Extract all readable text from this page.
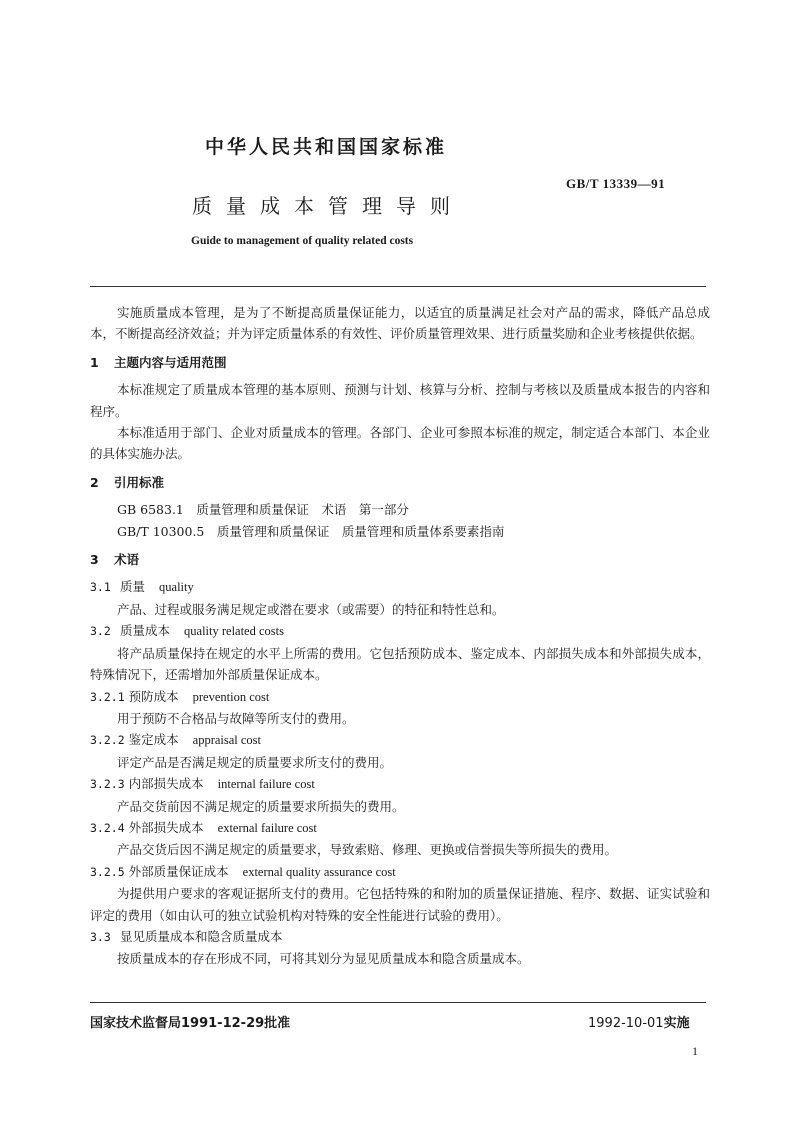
中华人民共和国国家标准
GB/T 13339—91
质量成本管理导则
Guide to management of quality related costs
实施质量成本管理，是为了不断提高质量保证能力，以适宜的质量满足社会对产品的需求，降低产品总成本，不断提高经济效益；并为评定质量体系的有效性、评价质量管理效果、进行质量奖励和企业考核提供依据。
1 主题内容与适用范围
本标准规定了质量成本管理的基本原则、预测与计划、核算与分析、控制与考核以及质量成本报告的内容和程序。
本标准适用于部门、企业对质量成本的管理。各部门、企业可参照本标准的规定，制定适合本部门、本企业的具体实施办法。
2 引用标准
GB 6583.1　质量管理和质量保证　术语　第一部分
GB/T 10300.5　质量管理和质量保证　质量管理和质量体系要素指南
3 术语
3.1 质量 quality
产品、过程或服务满足规定或潜在要求（或需要）的特征和特性总和。
3.2 质量成本 quality related costs
将产品质量保持在规定的水平上所需的费用。它包括预防成本、鉴定成本、内部损失成本和外部损失成本，特殊情况下，还需增加外部质量保证成本。
3.2.1 预防成本 prevention cost
用于预防不合格品与故障等所支付的费用。
3.2.2 鉴定成本 appraisal cost
评定产品是否满足规定的质量要求所支付的费用。
3.2.3 内部损失成本 internal failure cost
产品交货前因不满足规定的质量要求所损失的费用。
3.2.4 外部损失成本 external failure cost
产品交货后因不满足规定的质量要求，导致索赔、修理、更换或信誉损失等所损失的费用。
3.2.5 外部质量保证成本 external quality assurance cost
为提供用户要求的客观证据所支付的费用。它包括特殊的和附加的质量保证措施、程序、数据、证实试验和评定的费用（如由认可的独立试验机构对特殊的安全性能进行试验的费用）。
3.3 显见质量成本和隐含质量成本
按质量成本的存在形成不同，可将其划分为显见质量成本和隐含质量成本。
国家技术监督局1991-12-29批准	1992-10-01实施
1
